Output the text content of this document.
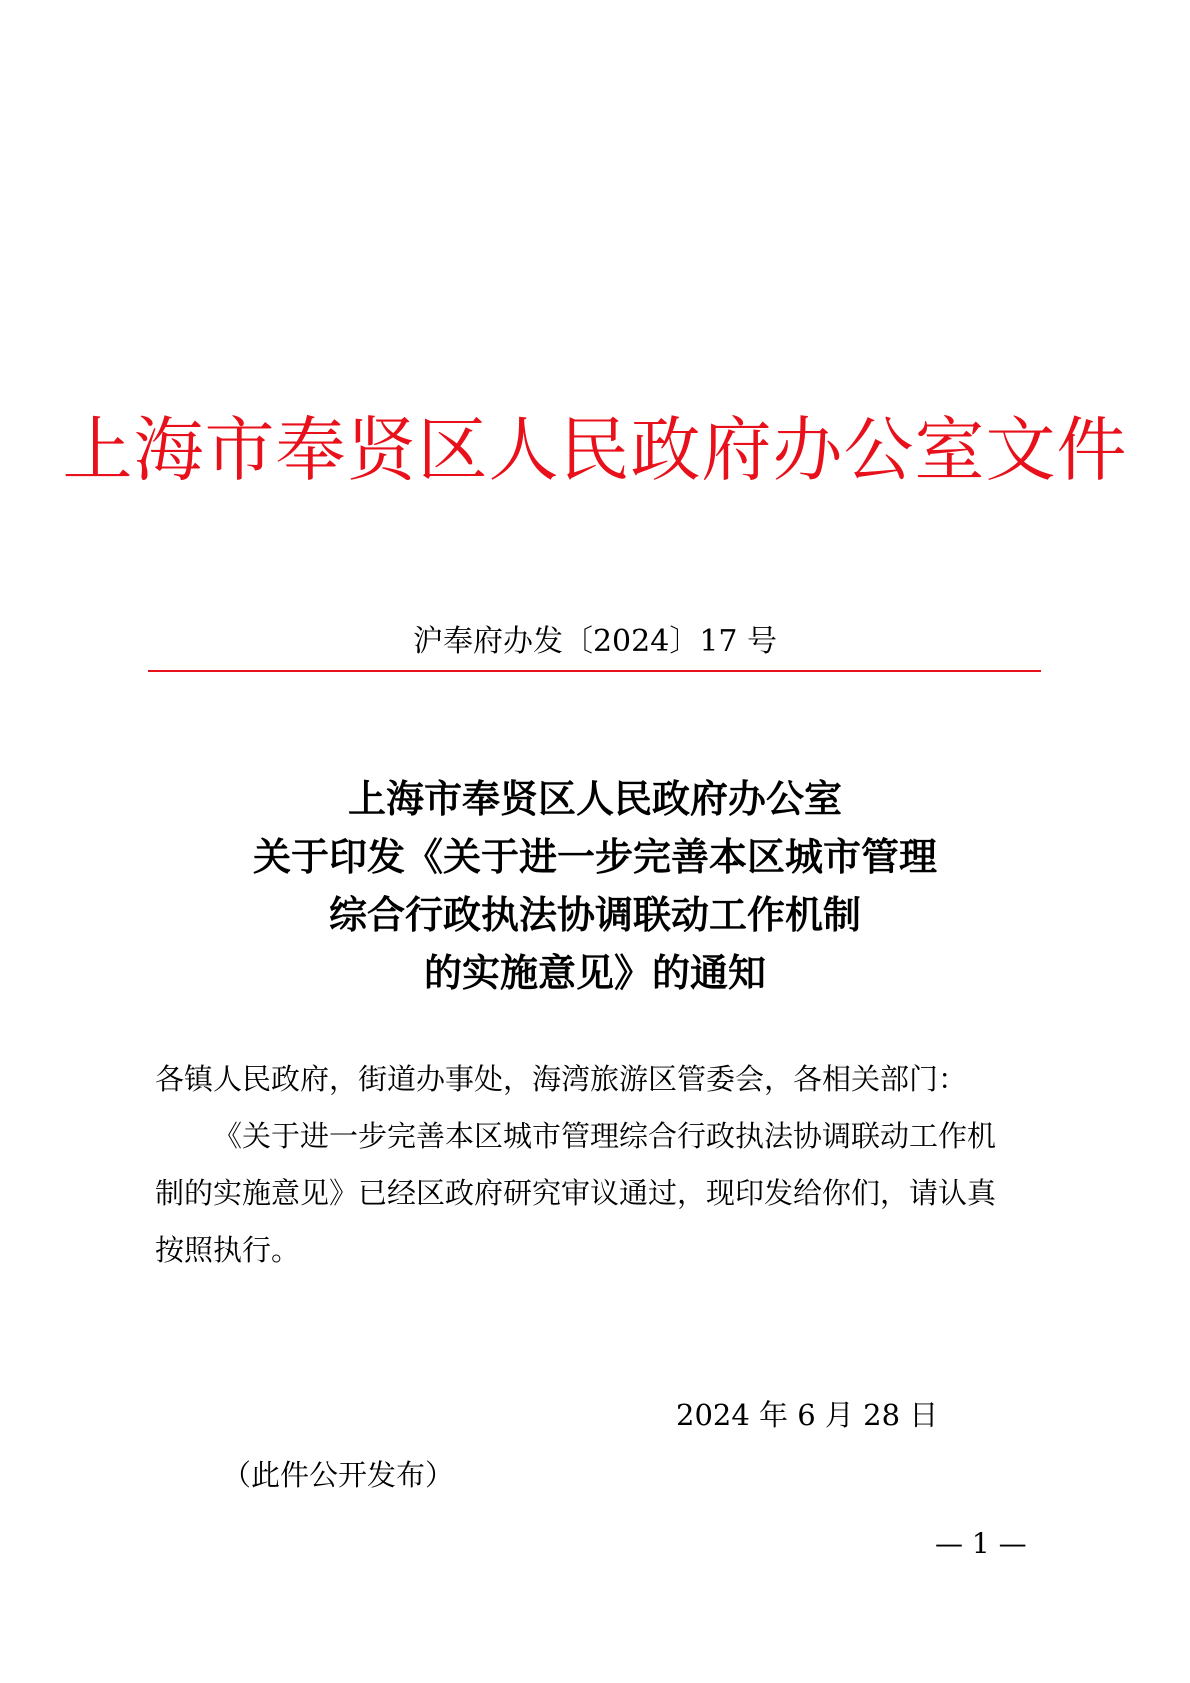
上海市奉贤区人民政府办公室文件
沪奉府办发〔2024〕17 号
上海市奉贤区人民政府办公室
关于印发《关于进一步完善本区城市管理
综合行政执法协调联动工作机制
的实施意见》的通知
各镇人民政府，街道办事处，海湾旅游区管委会，各相关部门：
《关于进一步完善本区城市管理综合行政执法协调联动工作机
制的实施意见》已经区政府研究审议通过，现印发给你们，请认真
按照执行。
2024 年 6 月 28 日
（此件公开发布）
— 1 —
